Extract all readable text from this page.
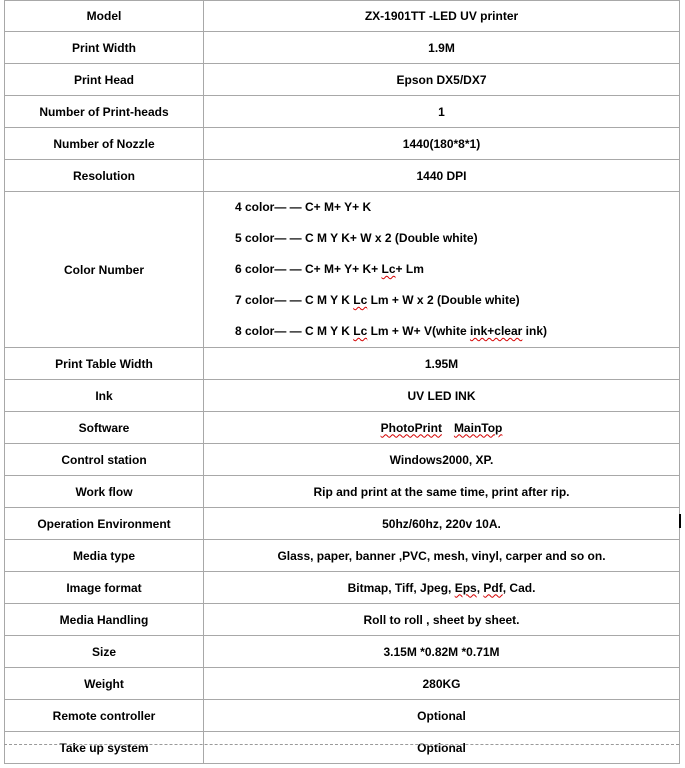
Model	ZX-1901TT -LED UV printer
Print Width	1.9M
Print Head	Epson DX5/DX7
Number of Print-heads	1
Number of Nozzle	1440(180*8*1)
Resolution	1440 DPI
Color Number	4 color— — C+ M+ Y+ K
5 color— — C M Y K+ W x 2 (Double white)
6 color— — C+ M+ Y+ K+ Lc+ Lm
7 color— — C M Y K Lc Lm + W x 2 (Double white)
8 color— — C M Y K Lc Lm + W+ V(white ink+clear ink)

Print Table Width	1.95M
Ink	UV LED INK
Software	PhotoPrint MainTop
Control station	Windows2000, XP.
Work flow	Rip and print at the same time, print after rip.
Operation Environment	50hz/60hz, 220v 10A.
Media type	Glass, paper, banner ,PVC, mesh, vinyl, carper and so on.
Image format	Bitmap, Tiff, Jpeg, Eps, Pdf, Cad.
Media Handling	Roll to roll , sheet by sheet.
Size	3.15M *0.82M *0.71M
Weight	280KG
Remote controller	Optional
Take up system	Optional
